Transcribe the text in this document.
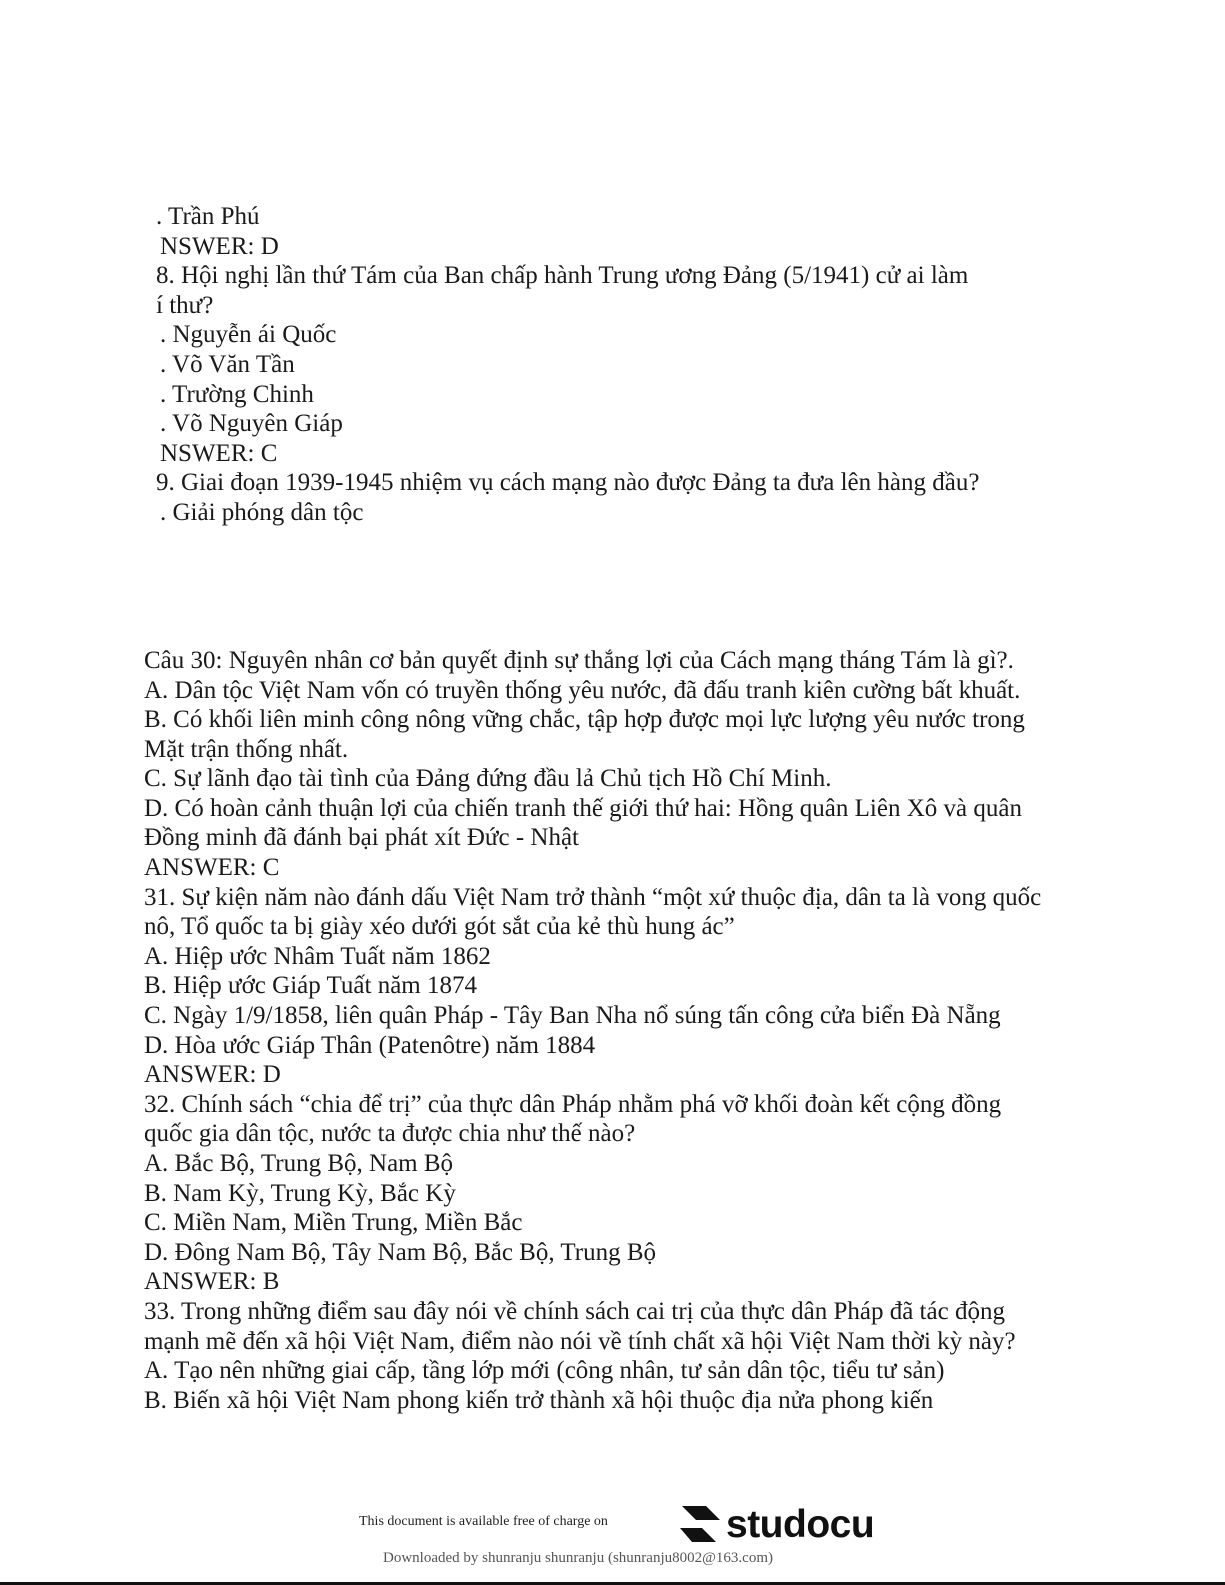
. Trần Phú
NSWER: D
8. Hội nghị lần thứ Tám của Ban chấp hành Trung ương Đảng (5/1941) cử ai làm
í thư?
. Nguyễn ái Quốc
. Võ Văn Tần
. Trường Chinh
. Võ Nguyên Giáp
NSWER: C
9. Giai đoạn 1939-1945 nhiệm vụ cách mạng nào được Đảng ta đưa lên hàng đầu?
. Giải phóng dân tộc
Câu 30: Nguyên nhân cơ bản quyết định sự thắng lợi của Cách mạng tháng Tám là gì?.
A. Dân tộc Việt Nam vốn có truyền thống yêu nước, đã đấu tranh kiên cường bất khuất.
B. Có khối liên minh công nông vững chắc, tập hợp được mọi lực lượng yêu nước trong
Mặt trận thống nhất.
C. Sự lãnh đạo tài tình của Đảng đứng đầu lả Chủ tịch Hồ Chí Minh.
D. Có hoàn cảnh thuận lợi của chiến tranh thế giới thứ hai: Hồng quân Liên Xô và quân
Đồng minh đã đánh bại phát xít Đức - Nhật
ANSWER: C
31. Sự kiện năm nào đánh dấu Việt Nam trở thành “một xứ thuộc địa, dân ta là vong quốc
nô, Tổ quốc ta bị giày xéo dưới gót sắt của kẻ thù hung ác”
A. Hiệp ước Nhâm Tuất năm 1862
B. Hiệp ước Giáp Tuất năm 1874
C. Ngày 1/9/1858, liên quân Pháp - Tây Ban Nha nổ súng tấn công cửa biển Đà Nẵng
D. Hòa ước Giáp Thân (Patenôtre) năm 1884
ANSWER: D
32. Chính sách “chia để trị” của thực dân Pháp nhằm phá vỡ khối đoàn kết cộng đồng
quốc gia dân tộc, nước ta được chia như thế nào?
A. Bắc Bộ, Trung Bộ, Nam Bộ
B. Nam Kỳ, Trung Kỳ, Bắc Kỳ
C. Miền Nam, Miền Trung, Miền Bắc
D. Đông Nam Bộ, Tây Nam Bộ, Bắc Bộ, Trung Bộ
ANSWER: B
33. Trong những điểm sau đây nói về chính sách cai trị của thực dân Pháp đã tác động
mạnh mẽ đến xã hội Việt Nam, điểm nào nói về tính chất xã hội Việt Nam thời kỳ này?
A. Tạo nên những giai cấp, tầng lớp mới (công nhân, tư sản dân tộc, tiểu tư sản)
B. Biến xã hội Việt Nam phong kiến trở thành xã hội thuộc địa nửa phong kiến
This document is available free of charge on	studocu
Downloaded by shunranju shunranju (shunranju8002@163.com)
